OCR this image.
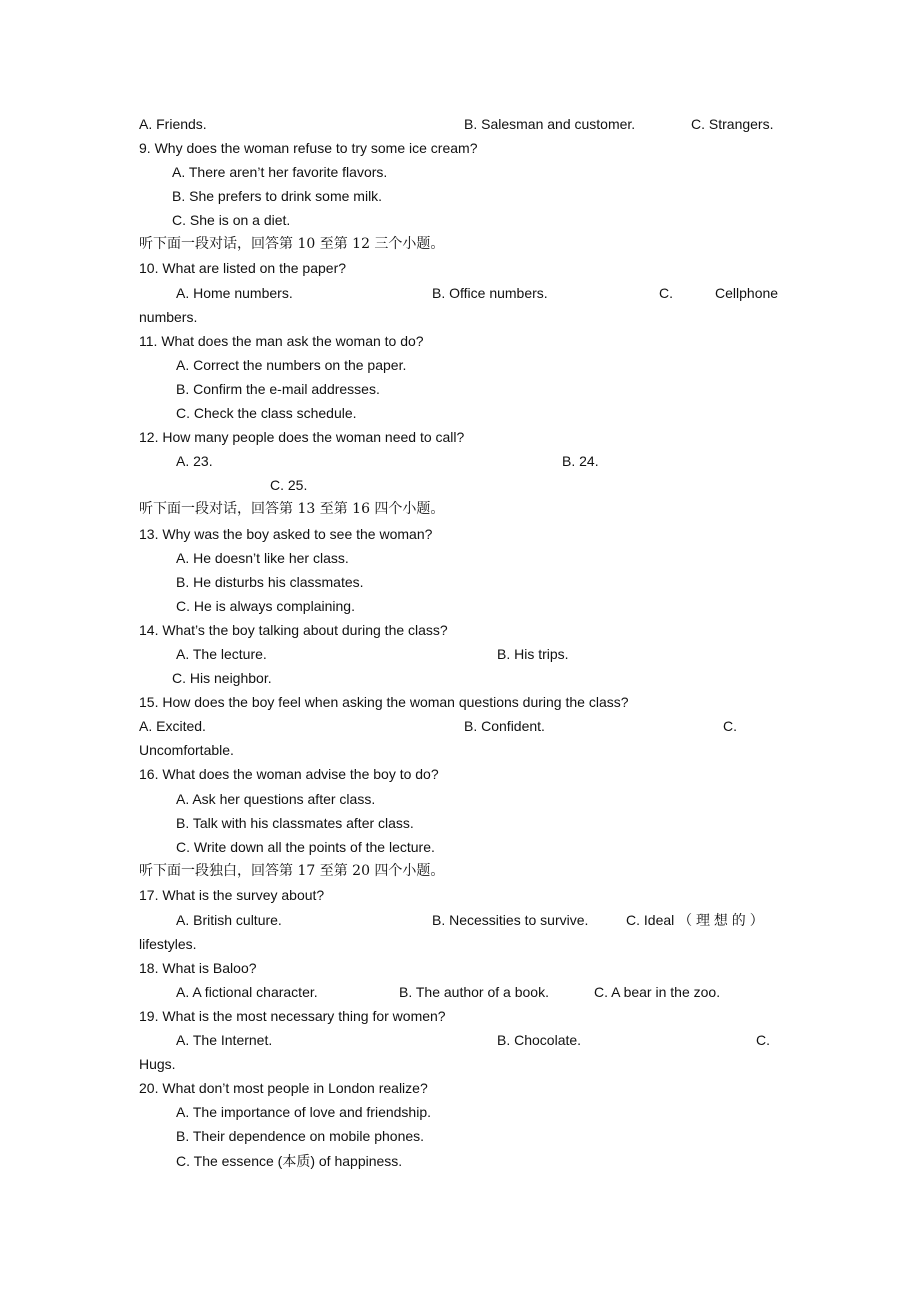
A. Friends.	B. Salesman and customer.	C. Strangers.
9. Why does the woman refuse to try some ice cream?
A. There aren’t her favorite flavors.
B. She prefers to drink some milk.
C. She is on a diet.
听下面一段对话，回答第 10 至第 12 三个小题。
10. What are listed on the paper?
A. Home numbers.	B. Office numbers.	C.	Cellphone
numbers.
11. What does the man ask the woman to do?
A. Correct the numbers on the paper.
B. Confirm the e-mail addresses.
C. Check the class schedule.
12. How many people does the woman need to call?
A. 23.	B. 24.
C. 25.
听下面一段对话，回答第 13 至第 16 四个小题。
13. Why was the boy asked to see the woman?
A. He doesn’t like her class.
B. He disturbs his classmates.
C. He is always complaining.
14. What’s the boy talking about during the class?
A. The lecture.	B. His trips.
C. His neighbor.
15. How does the boy feel when asking the woman questions during the class?
A. Excited.	B. Confident.	C.
Uncomfortable.
16. What does the woman advise the boy to do?
A. Ask her questions after class.
B. Talk with his classmates after class.
C. Write down all the points of the lecture.
听下面一段独白，回答第 17 至第 20 四个小题。
17. What is the survey about?
A. British culture.	B. Necessities to survive.	C. Ideal （ 理 想 的 ）
lifestyles.
18. What is Baloo?
A. A fictional character.	B. The author of a book.	C. A bear in the zoo.
19. What is the most necessary thing for women?
A. The Internet.	B. Chocolate.	C.
Hugs.
20. What don’t most people in London realize?
A. The importance of love and friendship.
B. Their dependence on mobile phones.
C. The essence (本质) of happiness.
